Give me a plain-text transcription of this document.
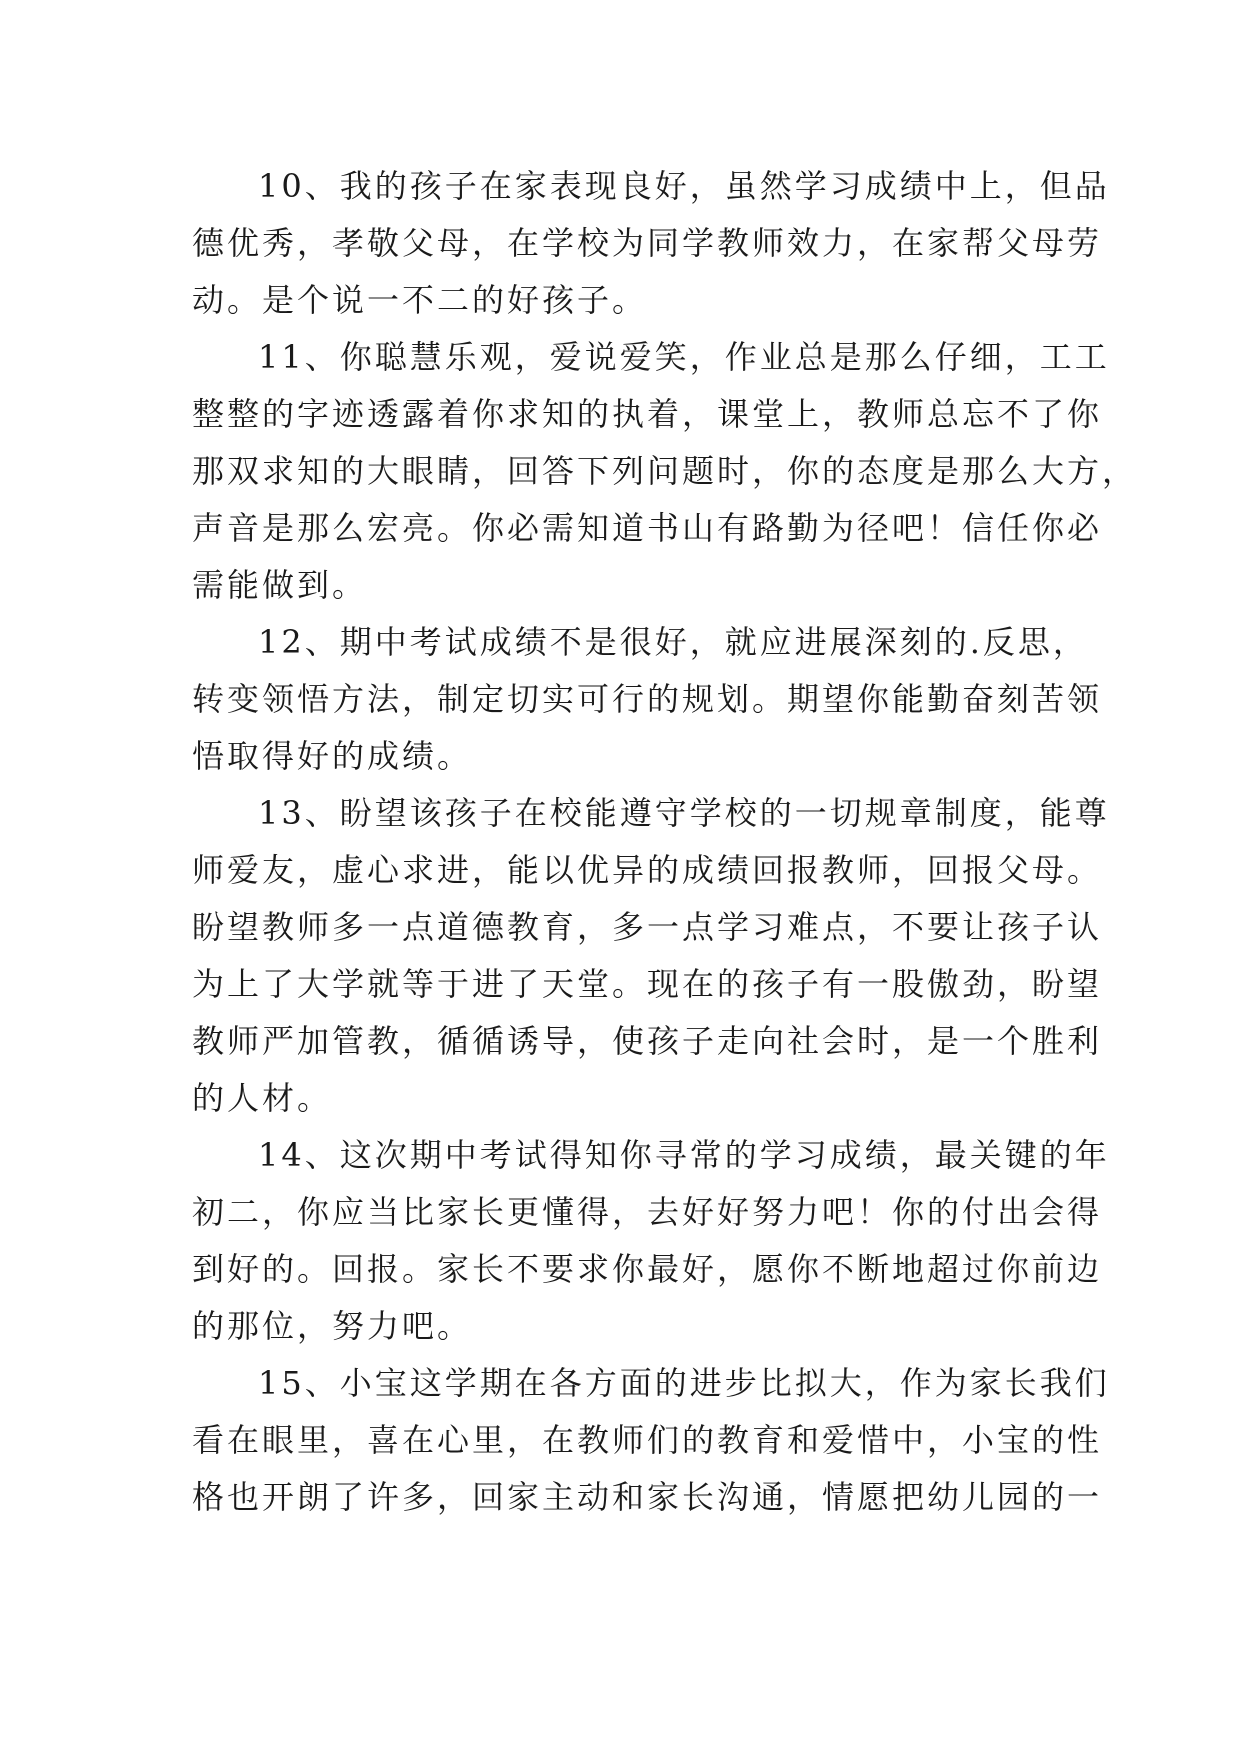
10、我的孩子在家表现良好，虽然学习成绩中上，但品
德优秀，孝敬父母，在学校为同学教师效力，在家帮父母劳
动。是个说一不二的好孩子。

11、你聪慧乐观，爱说爱笑，作业总是那么仔细，工工
整整的字迹透露着你求知的执着，课堂上，教师总忘不了你
那双求知的大眼睛，回答下列问题时，你的态度是那么大方，
声音是那么宏亮。你必需知道书山有路勤为径吧！信任你必
需能做到。

12、期中考试成绩不是很好，就应进展深刻的.反思，
转变领悟方法，制定切实可行的规划。期望你能勤奋刻苦领
悟取得好的成绩。

13、盼望该孩子在校能遵守学校的一切规章制度，能尊
师爱友，虚心求进，能以优异的成绩回报教师，回报父母。
盼望教师多一点道德教育，多一点学习难点，不要让孩子认
为上了大学就等于进了天堂。现在的孩子有一股傲劲，盼望
教师严加管教，循循诱导，使孩子走向社会时，是一个胜利
的人材。

14、这次期中考试得知你寻常的学习成绩，最关键的年
初二，你应当比家长更懂得，去好好努力吧！你的付出会得
到好的。回报。家长不要求你最好，愿你不断地超过你前边
的那位，努力吧。

15、小宝这学期在各方面的进步比拟大，作为家长我们
看在眼里，喜在心里，在教师们的教育和爱惜中，小宝的性
格也开朗了许多，回家主动和家长沟通，情愿把幼儿园的一
